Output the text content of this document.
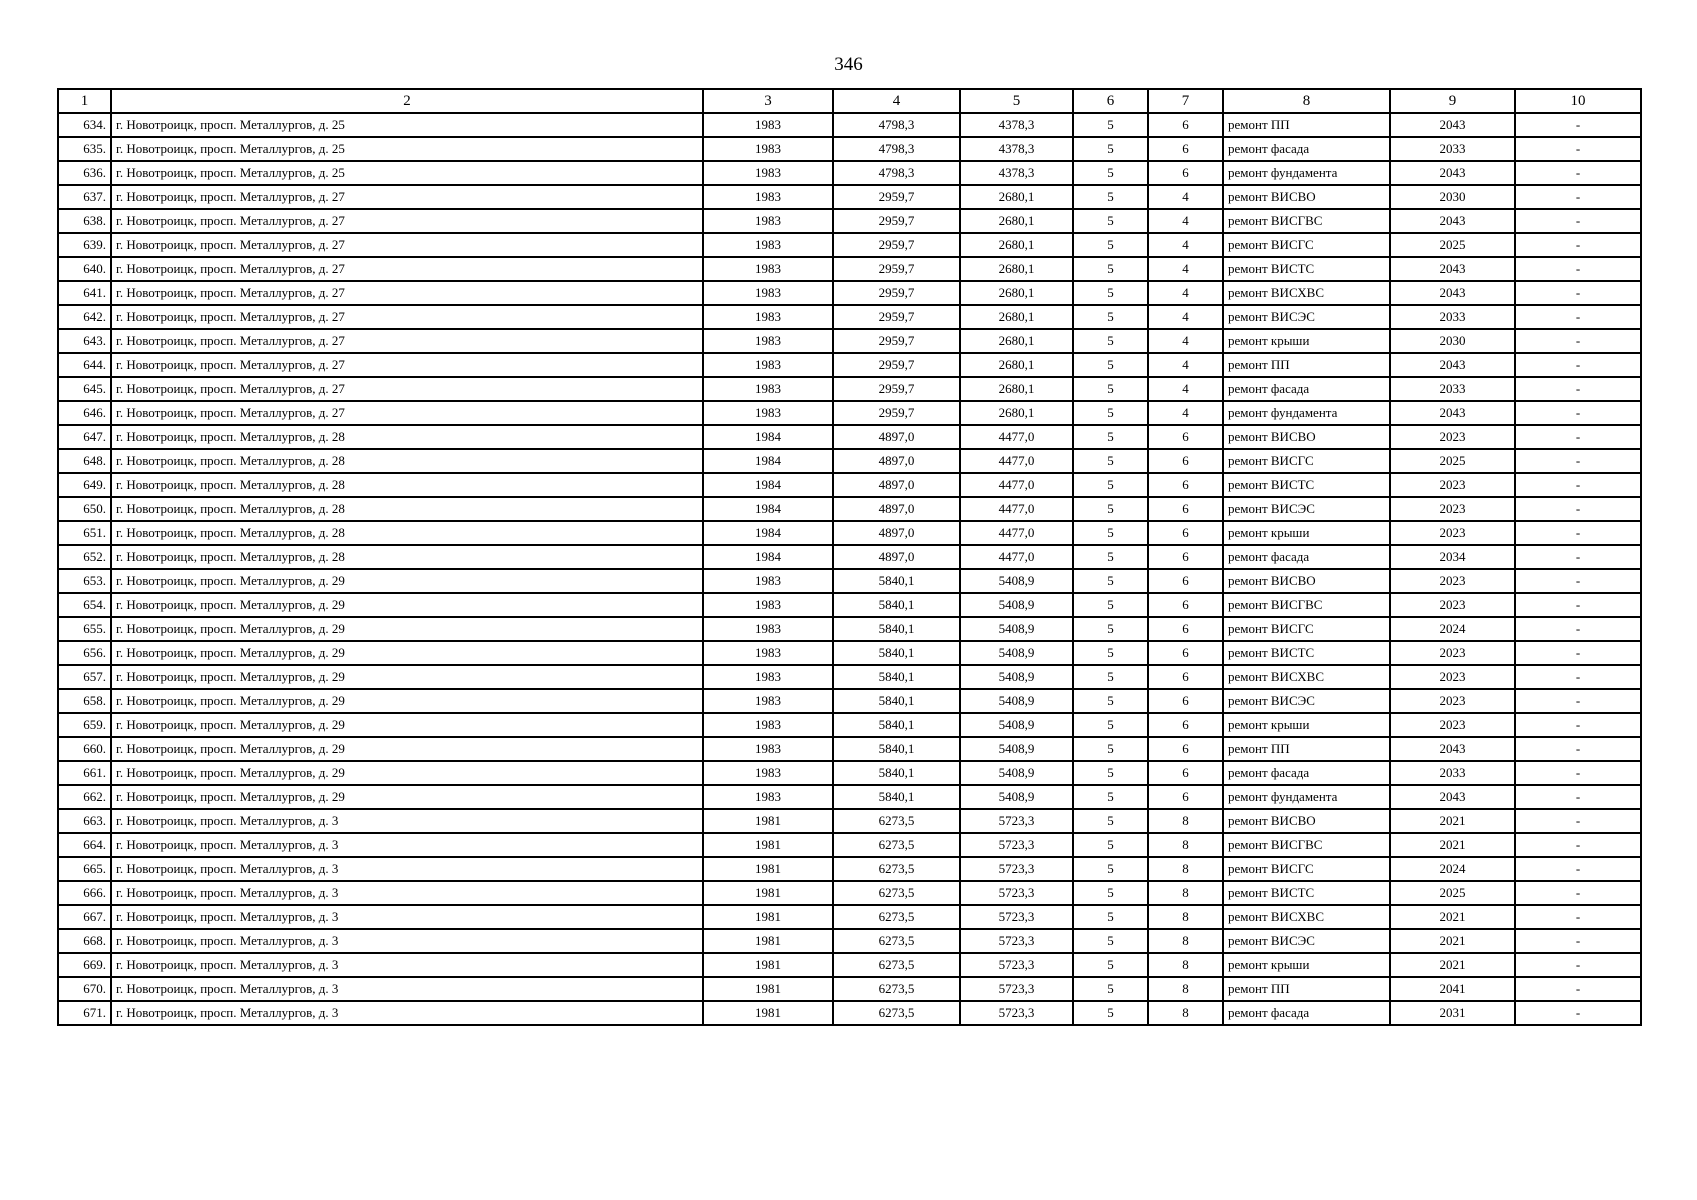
346
1	2	3	4	5	6	7	8	9	10
634.	г. Новотроицк, просп. Металлургов, д. 25	1983	4798,3	4378,3	5	6	ремонт ПП	2043	-
635.	г. Новотроицк, просп. Металлургов, д. 25	1983	4798,3	4378,3	5	6	ремонт фасада	2033	-
636.	г. Новотроицк, просп. Металлургов, д. 25	1983	4798,3	4378,3	5	6	ремонт фундамента	2043	-
637.	г. Новотроицк, просп. Металлургов, д. 27	1983	2959,7	2680,1	5	4	ремонт ВИСВО	2030	-
638.	г. Новотроицк, просп. Металлургов, д. 27	1983	2959,7	2680,1	5	4	ремонт ВИСГВС	2043	-
639.	г. Новотроицк, просп. Металлургов, д. 27	1983	2959,7	2680,1	5	4	ремонт ВИСГС	2025	-
640.	г. Новотроицк, просп. Металлургов, д. 27	1983	2959,7	2680,1	5	4	ремонт ВИСТС	2043	-
641.	г. Новотроицк, просп. Металлургов, д. 27	1983	2959,7	2680,1	5	4	ремонт ВИСХВС	2043	-
642.	г. Новотроицк, просп. Металлургов, д. 27	1983	2959,7	2680,1	5	4	ремонт ВИСЭС	2033	-
643.	г. Новотроицк, просп. Металлургов, д. 27	1983	2959,7	2680,1	5	4	ремонт крыши	2030	-
644.	г. Новотроицк, просп. Металлургов, д. 27	1983	2959,7	2680,1	5	4	ремонт ПП	2043	-
645.	г. Новотроицк, просп. Металлургов, д. 27	1983	2959,7	2680,1	5	4	ремонт фасада	2033	-
646.	г. Новотроицк, просп. Металлургов, д. 27	1983	2959,7	2680,1	5	4	ремонт фундамента	2043	-
647.	г. Новотроицк, просп. Металлургов, д. 28	1984	4897,0	4477,0	5	6	ремонт ВИСВО	2023	-
648.	г. Новотроицк, просп. Металлургов, д. 28	1984	4897,0	4477,0	5	6	ремонт ВИСГС	2025	-
649.	г. Новотроицк, просп. Металлургов, д. 28	1984	4897,0	4477,0	5	6	ремонт ВИСТС	2023	-
650.	г. Новотроицк, просп. Металлургов, д. 28	1984	4897,0	4477,0	5	6	ремонт ВИСЭС	2023	-
651.	г. Новотроицк, просп. Металлургов, д. 28	1984	4897,0	4477,0	5	6	ремонт крыши	2023	-
652.	г. Новотроицк, просп. Металлургов, д. 28	1984	4897,0	4477,0	5	6	ремонт фасада	2034	-
653.	г. Новотроицк, просп. Металлургов, д. 29	1983	5840,1	5408,9	5	6	ремонт ВИСВО	2023	-
654.	г. Новотроицк, просп. Металлургов, д. 29	1983	5840,1	5408,9	5	6	ремонт ВИСГВС	2023	-
655.	г. Новотроицк, просп. Металлургов, д. 29	1983	5840,1	5408,9	5	6	ремонт ВИСГС	2024	-
656.	г. Новотроицк, просп. Металлургов, д. 29	1983	5840,1	5408,9	5	6	ремонт ВИСТС	2023	-
657.	г. Новотроицк, просп. Металлургов, д. 29	1983	5840,1	5408,9	5	6	ремонт ВИСХВС	2023	-
658.	г. Новотроицк, просп. Металлургов, д. 29	1983	5840,1	5408,9	5	6	ремонт ВИСЭС	2023	-
659.	г. Новотроицк, просп. Металлургов, д. 29	1983	5840,1	5408,9	5	6	ремонт крыши	2023	-
660.	г. Новотроицк, просп. Металлургов, д. 29	1983	5840,1	5408,9	5	6	ремонт ПП	2043	-
661.	г. Новотроицк, просп. Металлургов, д. 29	1983	5840,1	5408,9	5	6	ремонт фасада	2033	-
662.	г. Новотроицк, просп. Металлургов, д. 29	1983	5840,1	5408,9	5	6	ремонт фундамента	2043	-
663.	г. Новотроицк, просп. Металлургов, д. 3	1981	6273,5	5723,3	5	8	ремонт ВИСВО	2021	-
664.	г. Новотроицк, просп. Металлургов, д. 3	1981	6273,5	5723,3	5	8	ремонт ВИСГВС	2021	-
665.	г. Новотроицк, просп. Металлургов, д. 3	1981	6273,5	5723,3	5	8	ремонт ВИСГС	2024	-
666.	г. Новотроицк, просп. Металлургов, д. 3	1981	6273,5	5723,3	5	8	ремонт ВИСТС	2025	-
667.	г. Новотроицк, просп. Металлургов, д. 3	1981	6273,5	5723,3	5	8	ремонт ВИСХВС	2021	-
668.	г. Новотроицк, просп. Металлургов, д. 3	1981	6273,5	5723,3	5	8	ремонт ВИСЭС	2021	-
669.	г. Новотроицк, просп. Металлургов, д. 3	1981	6273,5	5723,3	5	8	ремонт крыши	2021	-
670.	г. Новотроицк, просп. Металлургов, д. 3	1981	6273,5	5723,3	5	8	ремонт ПП	2041	-
671.	г. Новотроицк, просп. Металлургов, д. 3	1981	6273,5	5723,3	5	8	ремонт фасада	2031	-
